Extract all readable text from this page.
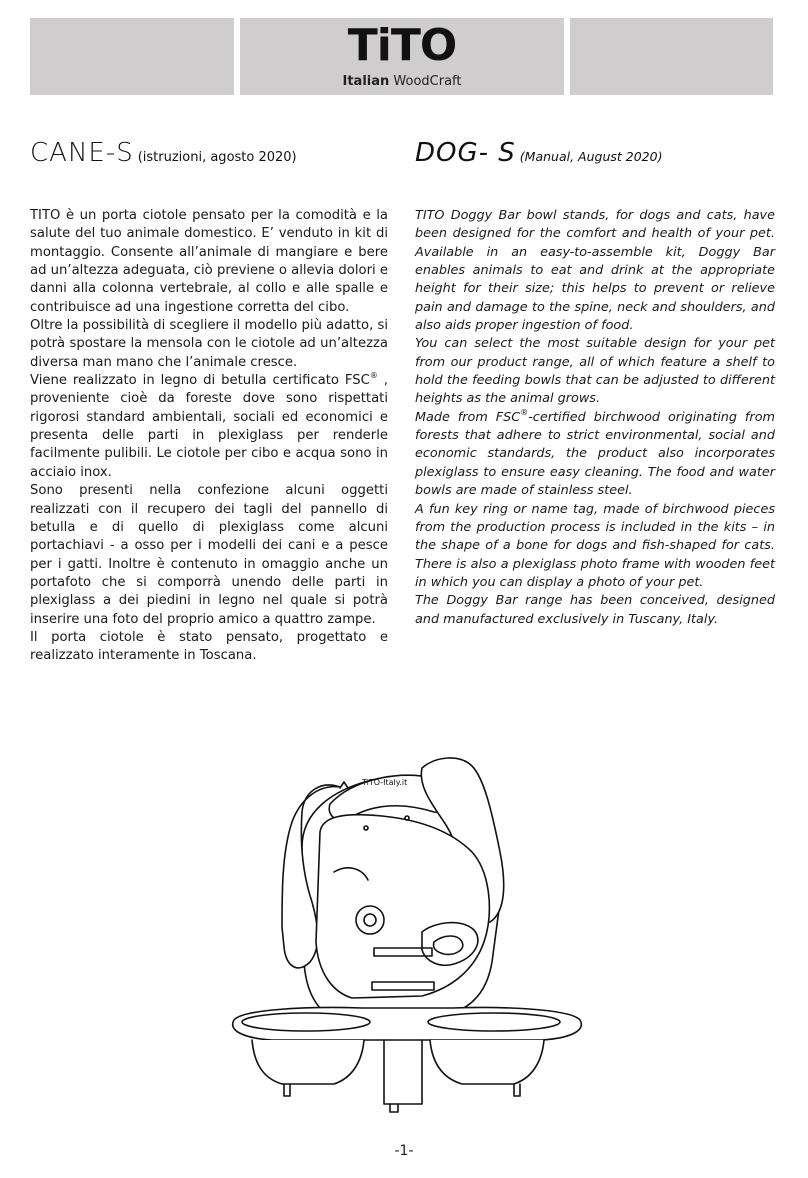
TiTO
Italian WoodCraft
CANE-S (istruzioni, agosto 2020)	DOG- S (Manual, August 2020)

TITO è un porta ciotole pensato per la comodità e la salute del tuo animale domestico. E’ venduto in kit di montaggio. Consente all’animale di mangiare e bere ad un’altezza adeguata, ciò previene o allevia dolori e danni alla colonna vertebrale, al collo e alle spalle e contribuisce ad una ingestione corretta del cibo.

Oltre la possibilità di scegliere il modello più adatto, si potrà spostare la mensola con le ciotole ad un’altezza diversa man mano che l’animale cresce.

Viene realizzato in legno di betulla certificato FSC® , proveniente cioè da foreste dove sono rispettati rigorosi standard ambientali, sociali ed economici e presenta delle parti in plexiglass per renderle facilmente pulibili. Le ciotole per cibo e acqua sono in acciaio inox.

Sono presenti nella confezione alcuni oggetti realizzati con il recupero dei tagli del pannello di betulla e di quello di plexiglass come alcuni portachiavi - a osso per i modelli dei cani e a pesce per i gatti. Inoltre è contenuto in omaggio anche un portafoto che si comporrà unendo delle parti in plexiglass a dei piedini in legno nel quale si potrà inserire una foto del proprio amico a quattro zampe.

Il porta ciotole è stato pensato, progettato e realizzato interamente in Toscana.

TITO Doggy Bar bowl stands, for dogs and cats, have been designed for the comfort and health of your pet. Available in an easy-to-assemble kit, Doggy Bar enables animals to eat and drink at the appropriate height for their size; this helps to prevent or relieve pain and damage to the spine, neck and shoulders, and also aids proper ingestion of food.

You can select the most suitable design for your pet from our product range, all of which feature a shelf to hold the feeding bowls that can be adjusted to different heights as the animal grows.

Made from FSC®-certified birchwood originating from forests that adhere to strict environmental, social and economic standards, the product also incorporates plexiglass to ensure easy cleaning. The food and water bowls are made of stainless steel.

A fun key ring or name tag, made of birchwood pieces from the production process is included in the kits – in the shape of a bone for dogs and fish-shaped for cats. There is also a plexiglass photo frame with wooden feet in which you can display a photo of your pet.

The Doggy Bar range has been conceived, designed and manufactured exclusively in Tuscany, Italy.

TiTO-Italy.it
-1-
